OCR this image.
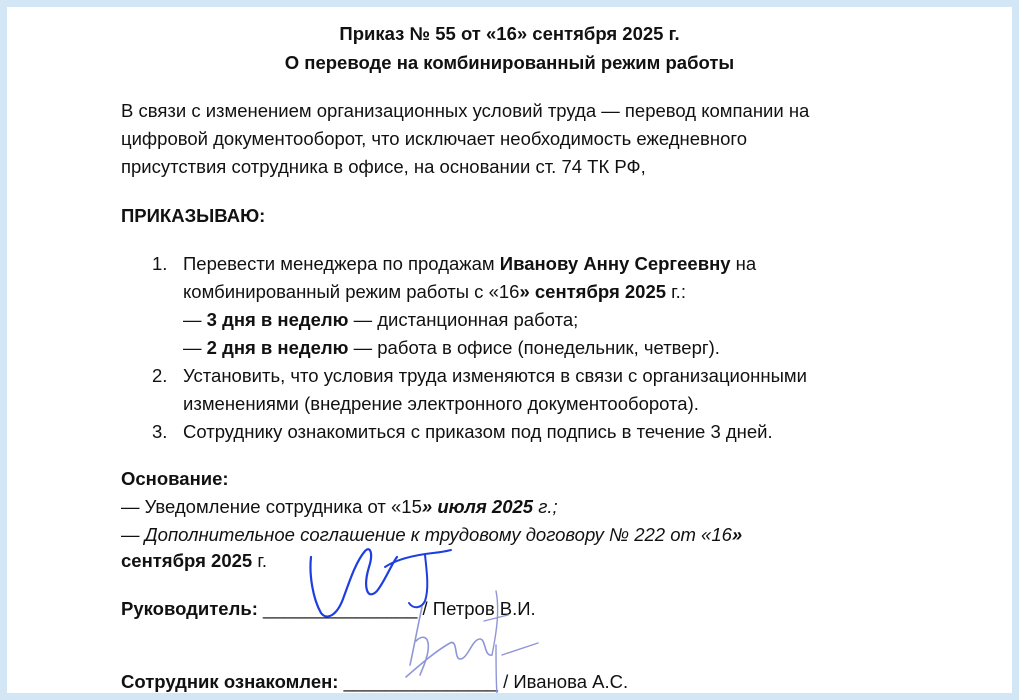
Приказ № 55 от «16» сентября 2025 г.
О переводе на комбинированный режим работы
В связи с изменением организационных условий труда — перевод компании на
цифровой документооборот, что исключает необходимость ежедневного
присутствия сотрудника в офисе, на основании ст. 74 ТК РФ,
ПРИКАЗЫВАЮ:
1. Перевести менеджера по продажам Иванову Анну Сергеевну на
комбинированный режим работы с «16» сентября 2025 г.:
— 3 дня в неделю — дистанционная работа;
— 2 дня в неделю — работа в офисе (понедельник, четверг).
2. Установить, что условия труда изменяются в связи с организационными
изменениями (внедрение электронного документооборота).
3. Сотруднику ознакомиться с приказом под подпись в течение 3 дней.
Основание:
— Уведомление сотрудника от «15» июля 2025 г.;
— Дополнительное соглашение к трудовому договору № 222 от «16»
сентября 2025 г.
Руководитель: _______________ / Петров В.И.
Сотрудник ознакомлен: _______________ / Иванова А.С.
